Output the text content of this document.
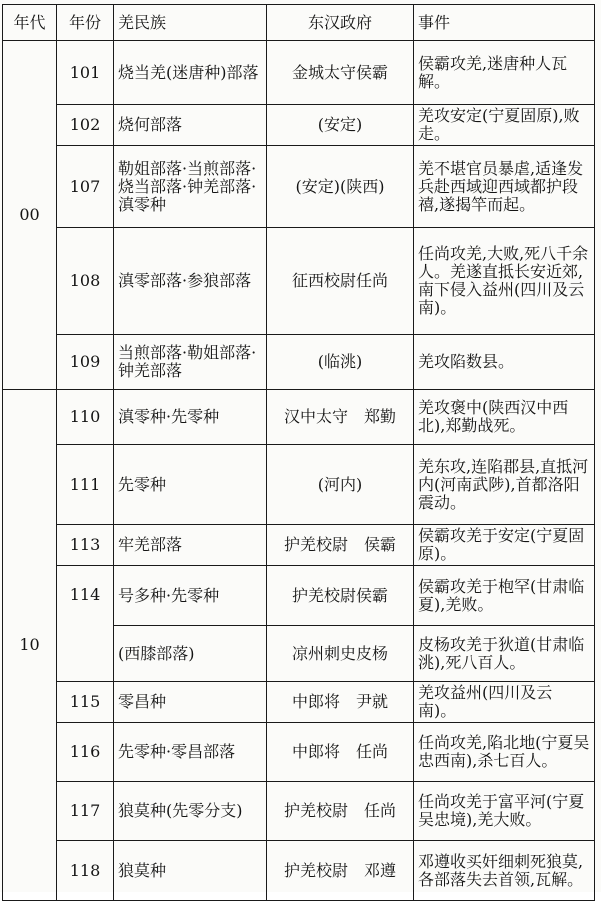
年代	年份	羌民族	东汉政府	事件
00	101	烧当羌(迷唐种)部落	金城太守侯霸	侯霸攻羌,迷唐种人瓦解。
	102	烧何部落	(安定)	羌攻安定(宁夏固原),败走。
	107	勒姐部落·当煎部落·烧当部落·钟羌部落·滇零种	(安定)(陕西)	羌不堪官员暴虐,适逢发兵赴西域迎西域都护段禧,遂揭竿而起。
	108	滇零部落·参狼部落	征西校尉任尚	任尚攻羌,大败,死八千余人。羌遂直抵长安近郊,南下侵入益州(四川及云南)。
	109	当煎部落·勒姐部落·钟羌部落	(临洮)	羌攻陷数县。
10	110	滇零种·先零种	汉中太守　郑勤	羌攻褒中(陕西汉中西北),郑勤战死。
	111	先零种	(河内)	羌东攻,连陷郡县,直抵河内(河南武陟),首都洛阳震动。
	113	牢羌部落	护羌校尉　侯霸	侯霸攻羌于安定(宁夏固原)。
	114	号多种·先零种	护羌校尉侯霸	侯霸攻羌于枹罕(甘肃临夏),羌败。
		(西膝部落)	凉州刺史皮杨	皮杨攻羌于狄道(甘肃临洮),死八百人。
	115	零昌种	中郎将　尹就	羌攻益州(四川及云南)。
	116	先零种·零昌部落	中郎将　任尚	任尚攻羌,陷北地(宁夏吴忠西南),杀七百人。
	117	狼莫种(先零分支)	护羌校尉　任尚	任尚攻羌于富平河(宁夏吴忠境),羌大败。
	118	狼莫种	护羌校尉　邓遵	邓遵收买奸细刺死狼莫,各部落失去首领,瓦解。
